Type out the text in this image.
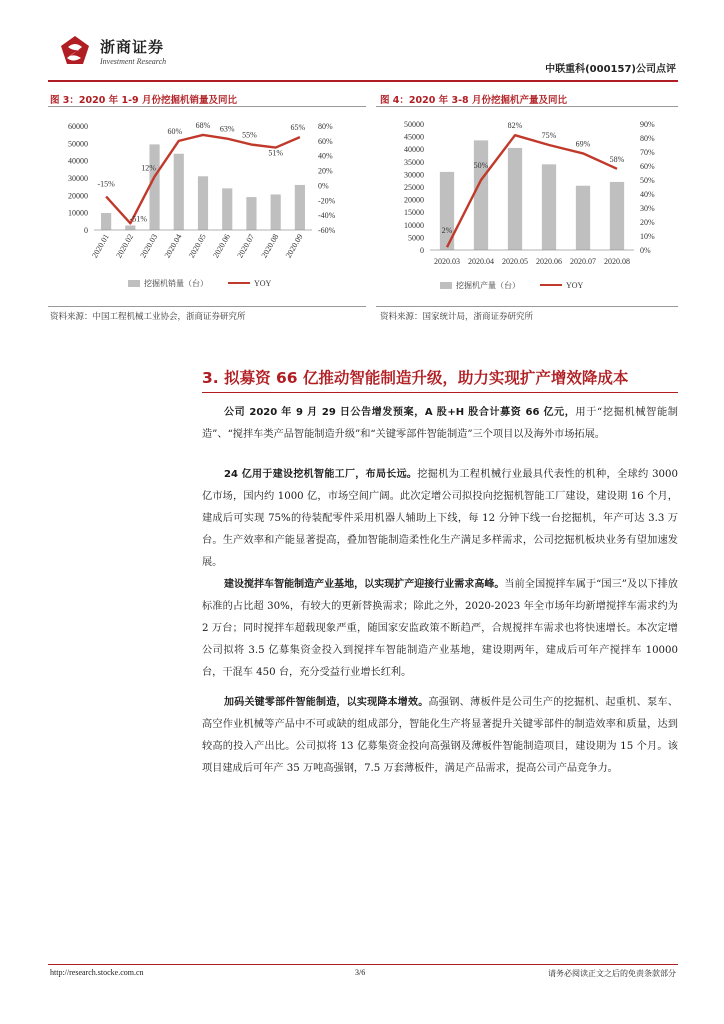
浙商证券
Investment Research
中联重科(000157)公司点评
图 3：2020 年 1-9 月份挖掘机销量及同比	图 4：2020 年 3-8 月份挖掘机产量及同比
60000
50000
40000
30000
20000
10000
0
80%
60%
40%
20%
0%
-20%
-40%
-60%
-15%
-51%
12%
60%
68% 63%
55%
51%
65%
2020.01 2020.02 2020.03 2020.04 2020.05 2020.06 2020.07 2020.08 2020.09
挖掘机销量（台）	YOY
50000
45000
40000
35000
30000
25000
20000
15000
10000
5000
0
90%
80%
70%
60%
50%
40%
30%
20%
10%
0%
2%
50%
82%
75%
69%
58%
2020.03 2020.04 2020.05 2020.06 2020.07 2020.08
挖掘机产量（台）	YOY
资料来源：中国工程机械工业协会，浙商证券研究所	资料来源：国家统计局，浙商证券研究所
3. 拟募资 66 亿推动智能制造升级，助力实现扩产增效降成本
公司 2020 年 9 月 29 日公告增发预案，A 股+H 股合计募资 66 亿元，用于“挖掘机械智能制造”、“搅拌车类产品智能制造升级”和“关键零部件智能制造”三个项目以及海外市场拓展。
24 亿用于建设挖机智能工厂，布局长远。挖掘机为工程机械行业最具代表性的机种，全球约 3000 亿市场，国内约 1000 亿，市场空间广阔。此次定增公司拟投向挖掘机智能工厂建设，建设期 16 个月，建成后可实现 75%的待装配零件采用机器人辅助上下线，每 12 分钟下线一台挖掘机，年产可达 3.3 万台。生产效率和产能显著提高，叠加智能制造柔性化生产满足多样需求，公司挖掘机板块业务有望加速发展。
建设搅拌车智能制造产业基地，以实现扩产迎接行业需求高峰。当前全国搅拌车属于“国三”及以下排放标准的占比超 30%，有较大的更新替换需求；除此之外，2020-2023 年全市场年均新增搅拌车需求约为 2 万台；同时搅拌车超载现象严重，随国家安监政策不断趋严，合规搅拌车需求也将快速增长。本次定增公司拟将 3.5 亿募集资金投入到搅拌车智能制造产业基地，建设期两年，建成后可年产搅拌车 10000 台，干混车 450 台，充分受益行业增长红利。
加码关键零部件智能制造，以实现降本增效。高强钢、薄板件是公司生产的挖掘机、起重机、泵车、高空作业机械等产品中不可或缺的组成部分，智能化生产将显著提升关键零部件的制造效率和质量，达到较高的投入产出比。公司拟将 13 亿募集资金投向高强钢及薄板件智能制造项目，建设期为 15 个月。该项目建成后可年产 35 万吨高强钢，7.5 万套薄板件，满足产品需求，提高公司产品竞争力。
http://research.stocke.com.cn	3/6	请务必阅读正文之后的免责条款部分
